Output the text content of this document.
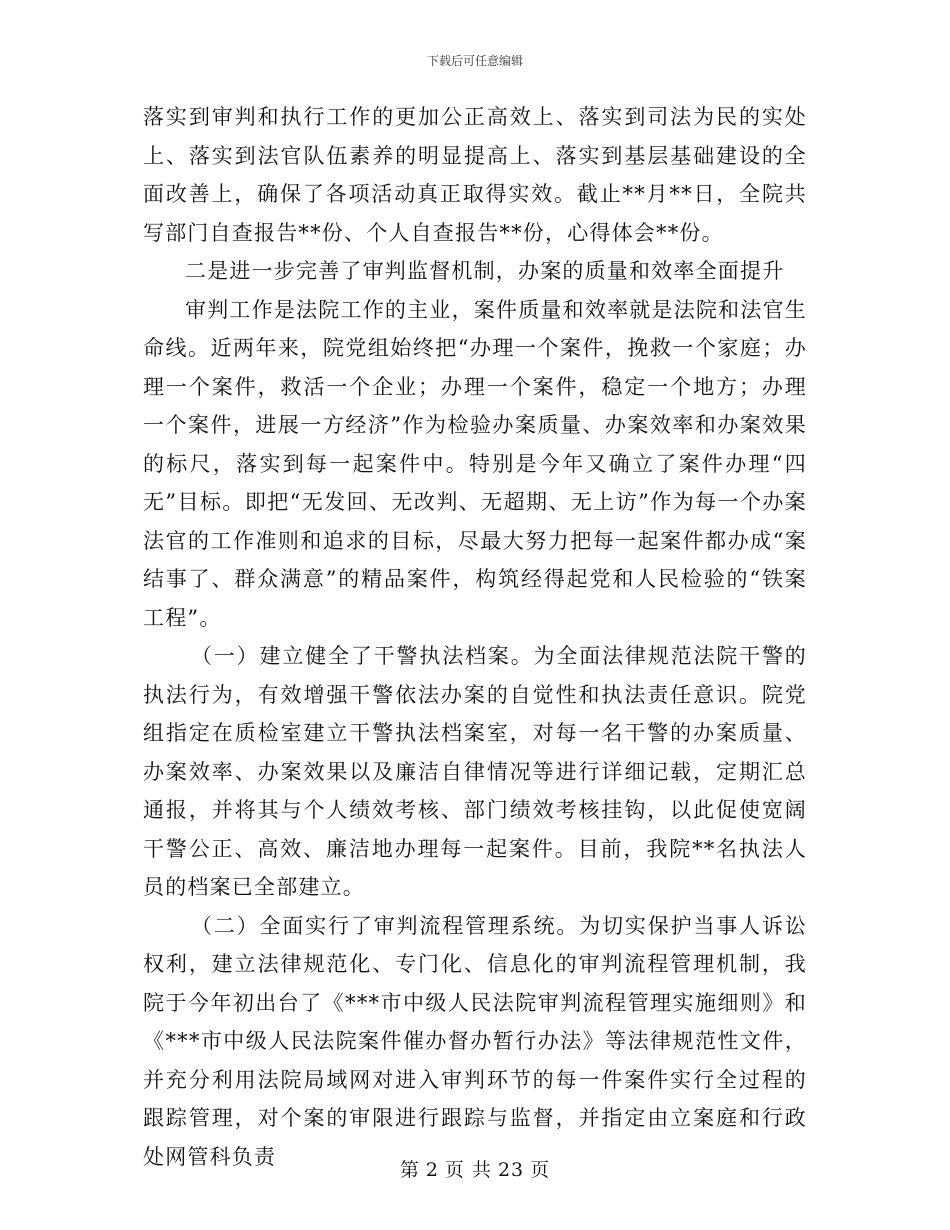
下载后可任意编辑

落实到审判和执行工作的更加公正高效上、落实到司法为民的实处上、落实到法官队伍素养的明显提高上、落实到基层基础建设的全面改善上，确保了各项活动真正取得实效。截止**月**日，全院共写部门自查报告**份、个人自查报告**份，心得体会**份。

二是进一步完善了审判监督机制，办案的质量和效率全面提升

审判工作是法院工作的主业，案件质量和效率就是法院和法官生命线。近两年来，院党组始终把“办理一个案件，挽救一个家庭；办理一个案件，救活一个企业；办理一个案件，稳定一个地方；办理一个案件，进展一方经济”作为检验办案质量、办案效率和办案效果的标尺，落实到每一起案件中。特别是今年又确立了案件办理“四无”目标。即把“无发回、无改判、无超期、无上访”作为每一个办案法官的工作准则和追求的目标，尽最大努力把每一起案件都办成“案结事了、群众满意”的精品案件，构筑经得起党和人民检验的“铁案工程”。

（一）建立健全了干警执法档案。为全面法律规范法院干警的执法行为，有效增强干警依法办案的自觉性和执法责任意识。院党组指定在质检室建立干警执法档案室，对每一名干警的办案质量、办案效率、办案效果以及廉洁自律情况等进行详细记载，定期汇总通报，并将其与个人绩效考核、部门绩效考核挂钩，以此促使宽阔干警公正、高效、廉洁地办理每一起案件。目前，我院**名执法人员的档案已全部建立。

（二）全面实行了审判流程管理系统。为切实保护当事人诉讼权利，建立法律规范化、专门化、信息化的审判流程管理机制，我院于今年初出台了《***市中级人民法院审判流程管理实施细则》和《***市中级人民法院案件催办督办暂行办法》等法律规范性文件，并充分利用法院局域网对进入审判环节的每一件案件实行全过程的跟踪管理，对个案的审限进行跟踪与监督，并指定由立案庭和行政处网管科负责

第 2 页 共 23 页
